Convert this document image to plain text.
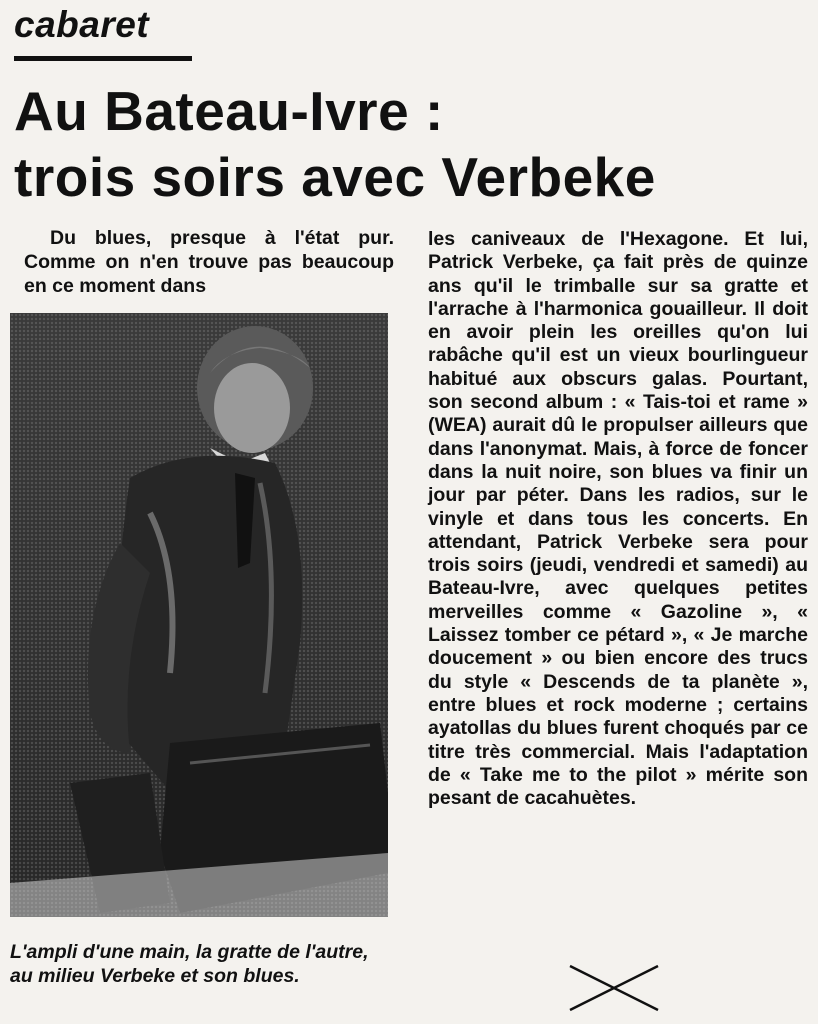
cabaret
Au Bateau-Ivre :
trois soirs avec Verbeke

Du blues, presque à l'état pur. Comme on n'en trouve pas beaucoup en ce moment dans

L'ampli d'une main, la gratte de l'autre, au milieu Verbeke et son blues.

les caniveaux de l'Hexagone. Et lui, Patrick Verbeke, ça fait près de quinze ans qu'il le trimballe sur sa gratte et l'arrache à l'harmonica gouailleur. Il doit en avoir plein les oreilles qu'on lui rabâche qu'il est un vieux bourlingueur habitué aux obscurs galas. Pourtant, son second album : « Tais-toi et rame » (WEA) aurait dû le propulser ailleurs que dans l'anonymat. Mais, à force de foncer dans la nuit noire, son blues va finir un jour par péter. Dans les radios, sur le vinyle et dans tous les concerts. En attendant, Patrick Verbeke sera pour trois soirs (jeudi, vendredi et samedi) au Bateau-Ivre, avec quelques petites merveilles comme « Gazoline », « Laissez tomber ce pétard », « Je marche doucement » ou bien encore des trucs du style « Descends de ta planète », entre blues et rock moderne ; certains ayatollas du blues furent choqués par ce titre très commercial. Mais l'adaptation de « Take me to the pilot » mérite son pesant de cacahuètes.
